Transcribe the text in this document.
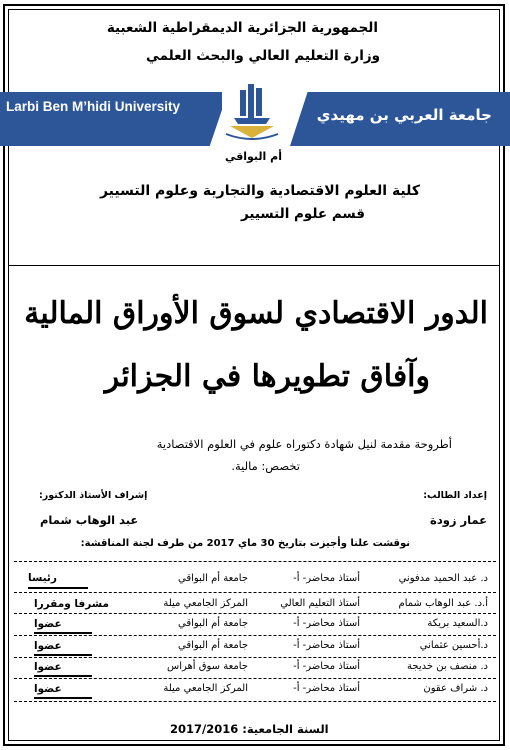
الجمهورية الجزائرية الديمقراطية الشعبية
وزارة التعليم العالي والبحث العلمي
Larbi Ben M’hidi University	جامعة العربي بن مهيدي
أم البواقي
كلية العلوم الاقتصادية والتجارية وعلوم التسيير
قسم علوم التسيير
الدور الاقتصادي لسوق الأوراق المالية
وآفاق تطويرها في الجزائر
أطروحة مقدمة لنيل شهادة دكتوراه علوم في العلوم الاقتصادية
تخصص: مالية.
إعداد الطالب:
إشراف الأستاذ الدكتور:
عمار زودة
عبد الوهاب شمام
نوقشت علنا وأجيزت بتاريخ 30 ماي 2017 من طرف لجنة المناقشة:
د. عبد الحميد مدفوني
أستاذ محاضر- أ-
جامعة أم البواقي
رئيسا
أ.د. عبد الوهاب شمام
أستاذ التعليم العالي
المركز الجامعي ميلة
مشرفا ومقررا
د.السعيد بريكة
أستاذ محاضر- أ-
جامعة أم البواقي
عضوا
د.أحسين عثماني
أستاذ محاضر- أ-
جامعة أم البواقي
عضوا
د. منصف بن خديجة
أستاذ محاضر- أ-
جامعة سوق أهراس
عضوا
د. شراف عقون
أستاذ محاضر- أ-
المركز الجامعي ميلة
عضوا
السنة الجامعية: 2017/2016
